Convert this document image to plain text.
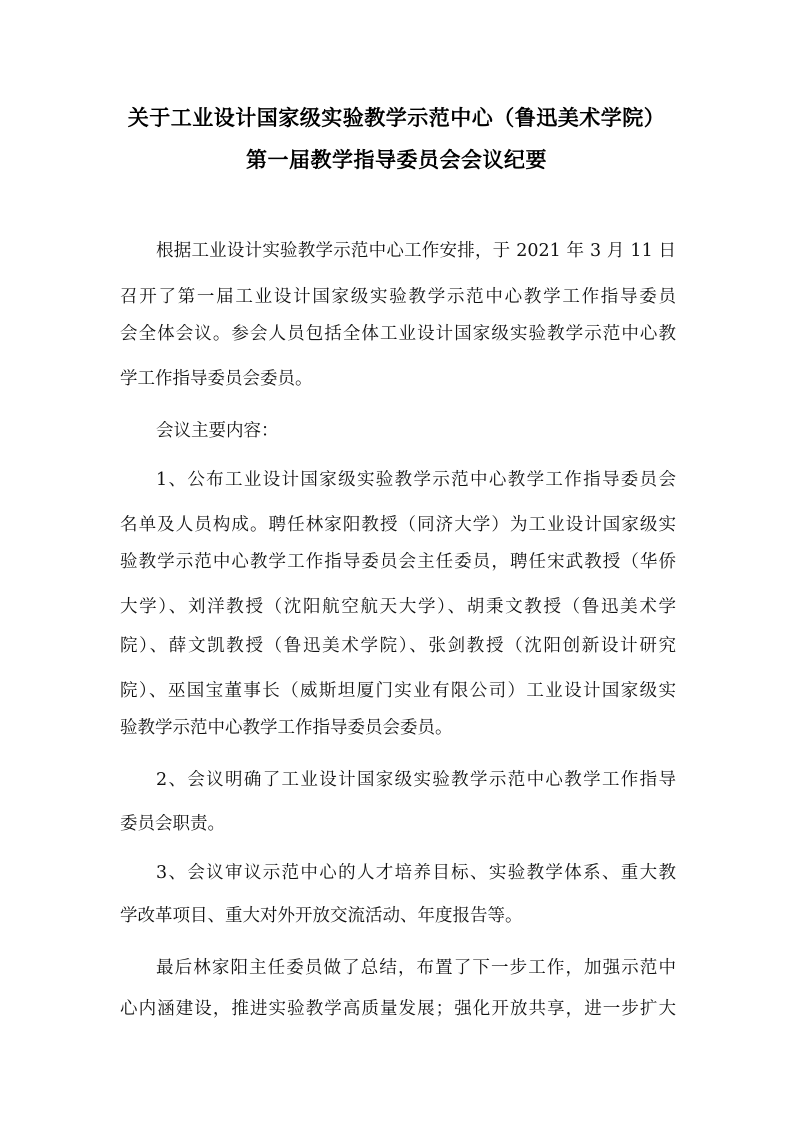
关于工业设计国家级实验教学示范中心（鲁迅美术学院）
第一届教学指导委员会会议纪要
根据工业设计实验教学示范中心工作安排，于 2021 年 3 月 11 日
召开了第一届工业设计国家级实验教学示范中心教学工作指导委员
会全体会议。参会人员包括全体工业设计国家级实验教学示范中心教
学工作指导委员会委员。
会议主要内容：
1、公布工业设计国家级实验教学示范中心教学工作指导委员会
名单及人员构成。聘任林家阳教授（同济大学）为工业设计国家级实
验教学示范中心教学工作指导委员会主任委员，聘任宋武教授（华侨
大学）、刘洋教授（沈阳航空航天大学）、胡秉文教授（鲁迅美术学
院）、薛文凯教授（鲁迅美术学院）、张剑教授（沈阳创新设计研究
院）、巫国宝董事长（威斯坦厦门实业有限公司）工业设计国家级实
验教学示范中心教学工作指导委员会委员。
2、会议明确了工业设计国家级实验教学示范中心教学工作指导
委员会职责。
3、会议审议示范中心的人才培养目标、实验教学体系、重大教
学改革项目、重大对外开放交流活动、年度报告等。
最后林家阳主任委员做了总结，布置了下一步工作，加强示范中
心内涵建设，推进实验教学高质量发展；强化开放共享，进一步扩大
